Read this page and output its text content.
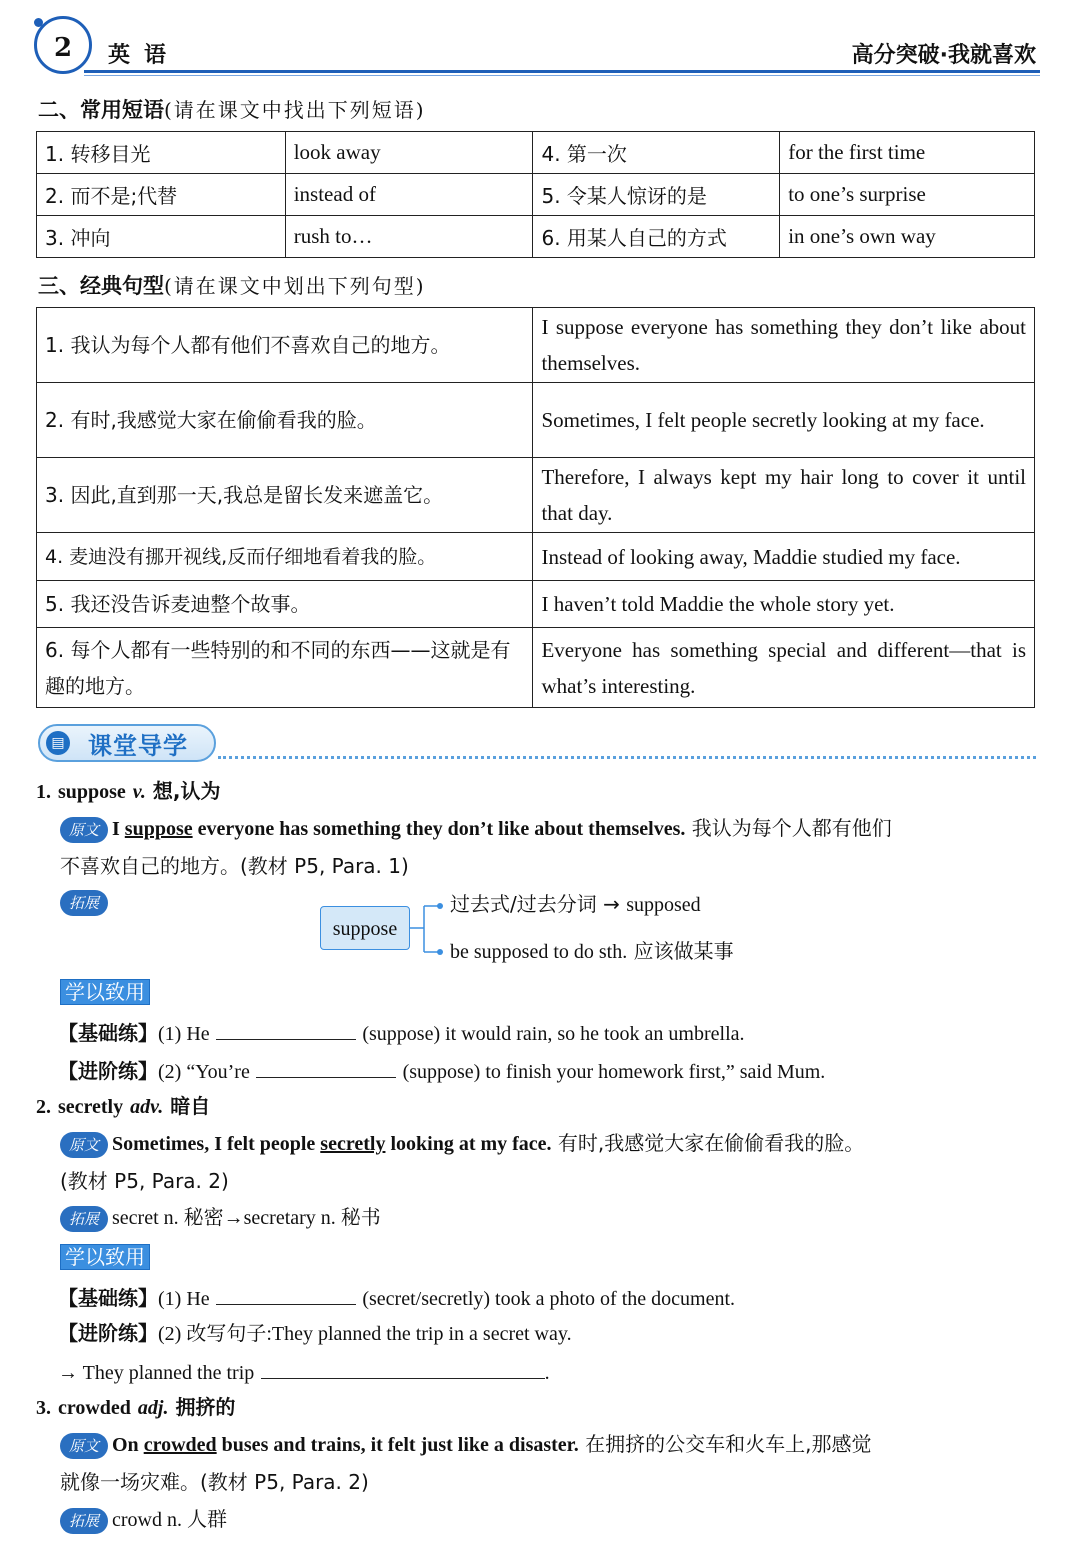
2	英语	高分突破·我就喜欢
二、常用短语(请在课文中找出下列短语)
1. 转移目光	look away	4. 第一次	for the first time
2. 而不是;代替	instead of	5. 令某人惊讶的是	to one’s surprise
3. 冲向	rush to…	6. 用某人自己的方式	in one’s own way
三、经典句型(请在课文中划出下列句型)
1. 我认为每个人都有他们不喜欢自己的地方。	I suppose everyone has something they don’t like about themselves.
2. 有时,我感觉大家在偷偷看我的脸。	Sometimes, I felt people secretly looking at my face.
3. 因此,直到那一天,我总是留长发来遮盖它。	Therefore, I always kept my hair long to cover it until that day.
4. 麦迪没有挪开视线,反而仔细地看着我的脸。	Instead of looking away, Maddie studied my face.
5. 我还没告诉麦迪整个故事。	I haven’t told Maddie the whole story yet.
6. 每个人都有一些特别的和不同的东西——这就是有趣的地方。	Everyone has something special and different—that is what’s interesting.
▤ 课堂导学
1. suppose v. 想,认为
原文 I suppose everyone has something they don’t like about themselves. 我认为每个人都有他们
不喜欢自己的地方。(教材 P5, Para. 1)
拓展
suppose
过去式/过去分词 → supposed
be supposed to do sth. 应该做某事
学以致用
【基础练】(1) He	(suppose) it would rain, so he took an umbrella.
【进阶练】(2) “You’re	(suppose) to finish your homework first,” said Mum.
2. secretly adv. 暗自
原文 Sometimes, I felt people secretly looking at my face. 有时,我感觉大家在偷偷看我的脸。
(教材 P5, Para. 2)
拓展 secret n. 秘密→secretary n. 秘书
学以致用
【基础练】(1) He	(secret/secretly) took a photo of the document.
【进阶练】(2) 改写句子:They planned the trip in a secret way.
→ They planned the trip	.
3. crowded adj. 拥挤的
原文 On crowded buses and trains, it felt just like a disaster. 在拥挤的公交车和火车上,那感觉
就像一场灾难。(教材 P5, Para. 2)
拓展 crowd n. 人群
